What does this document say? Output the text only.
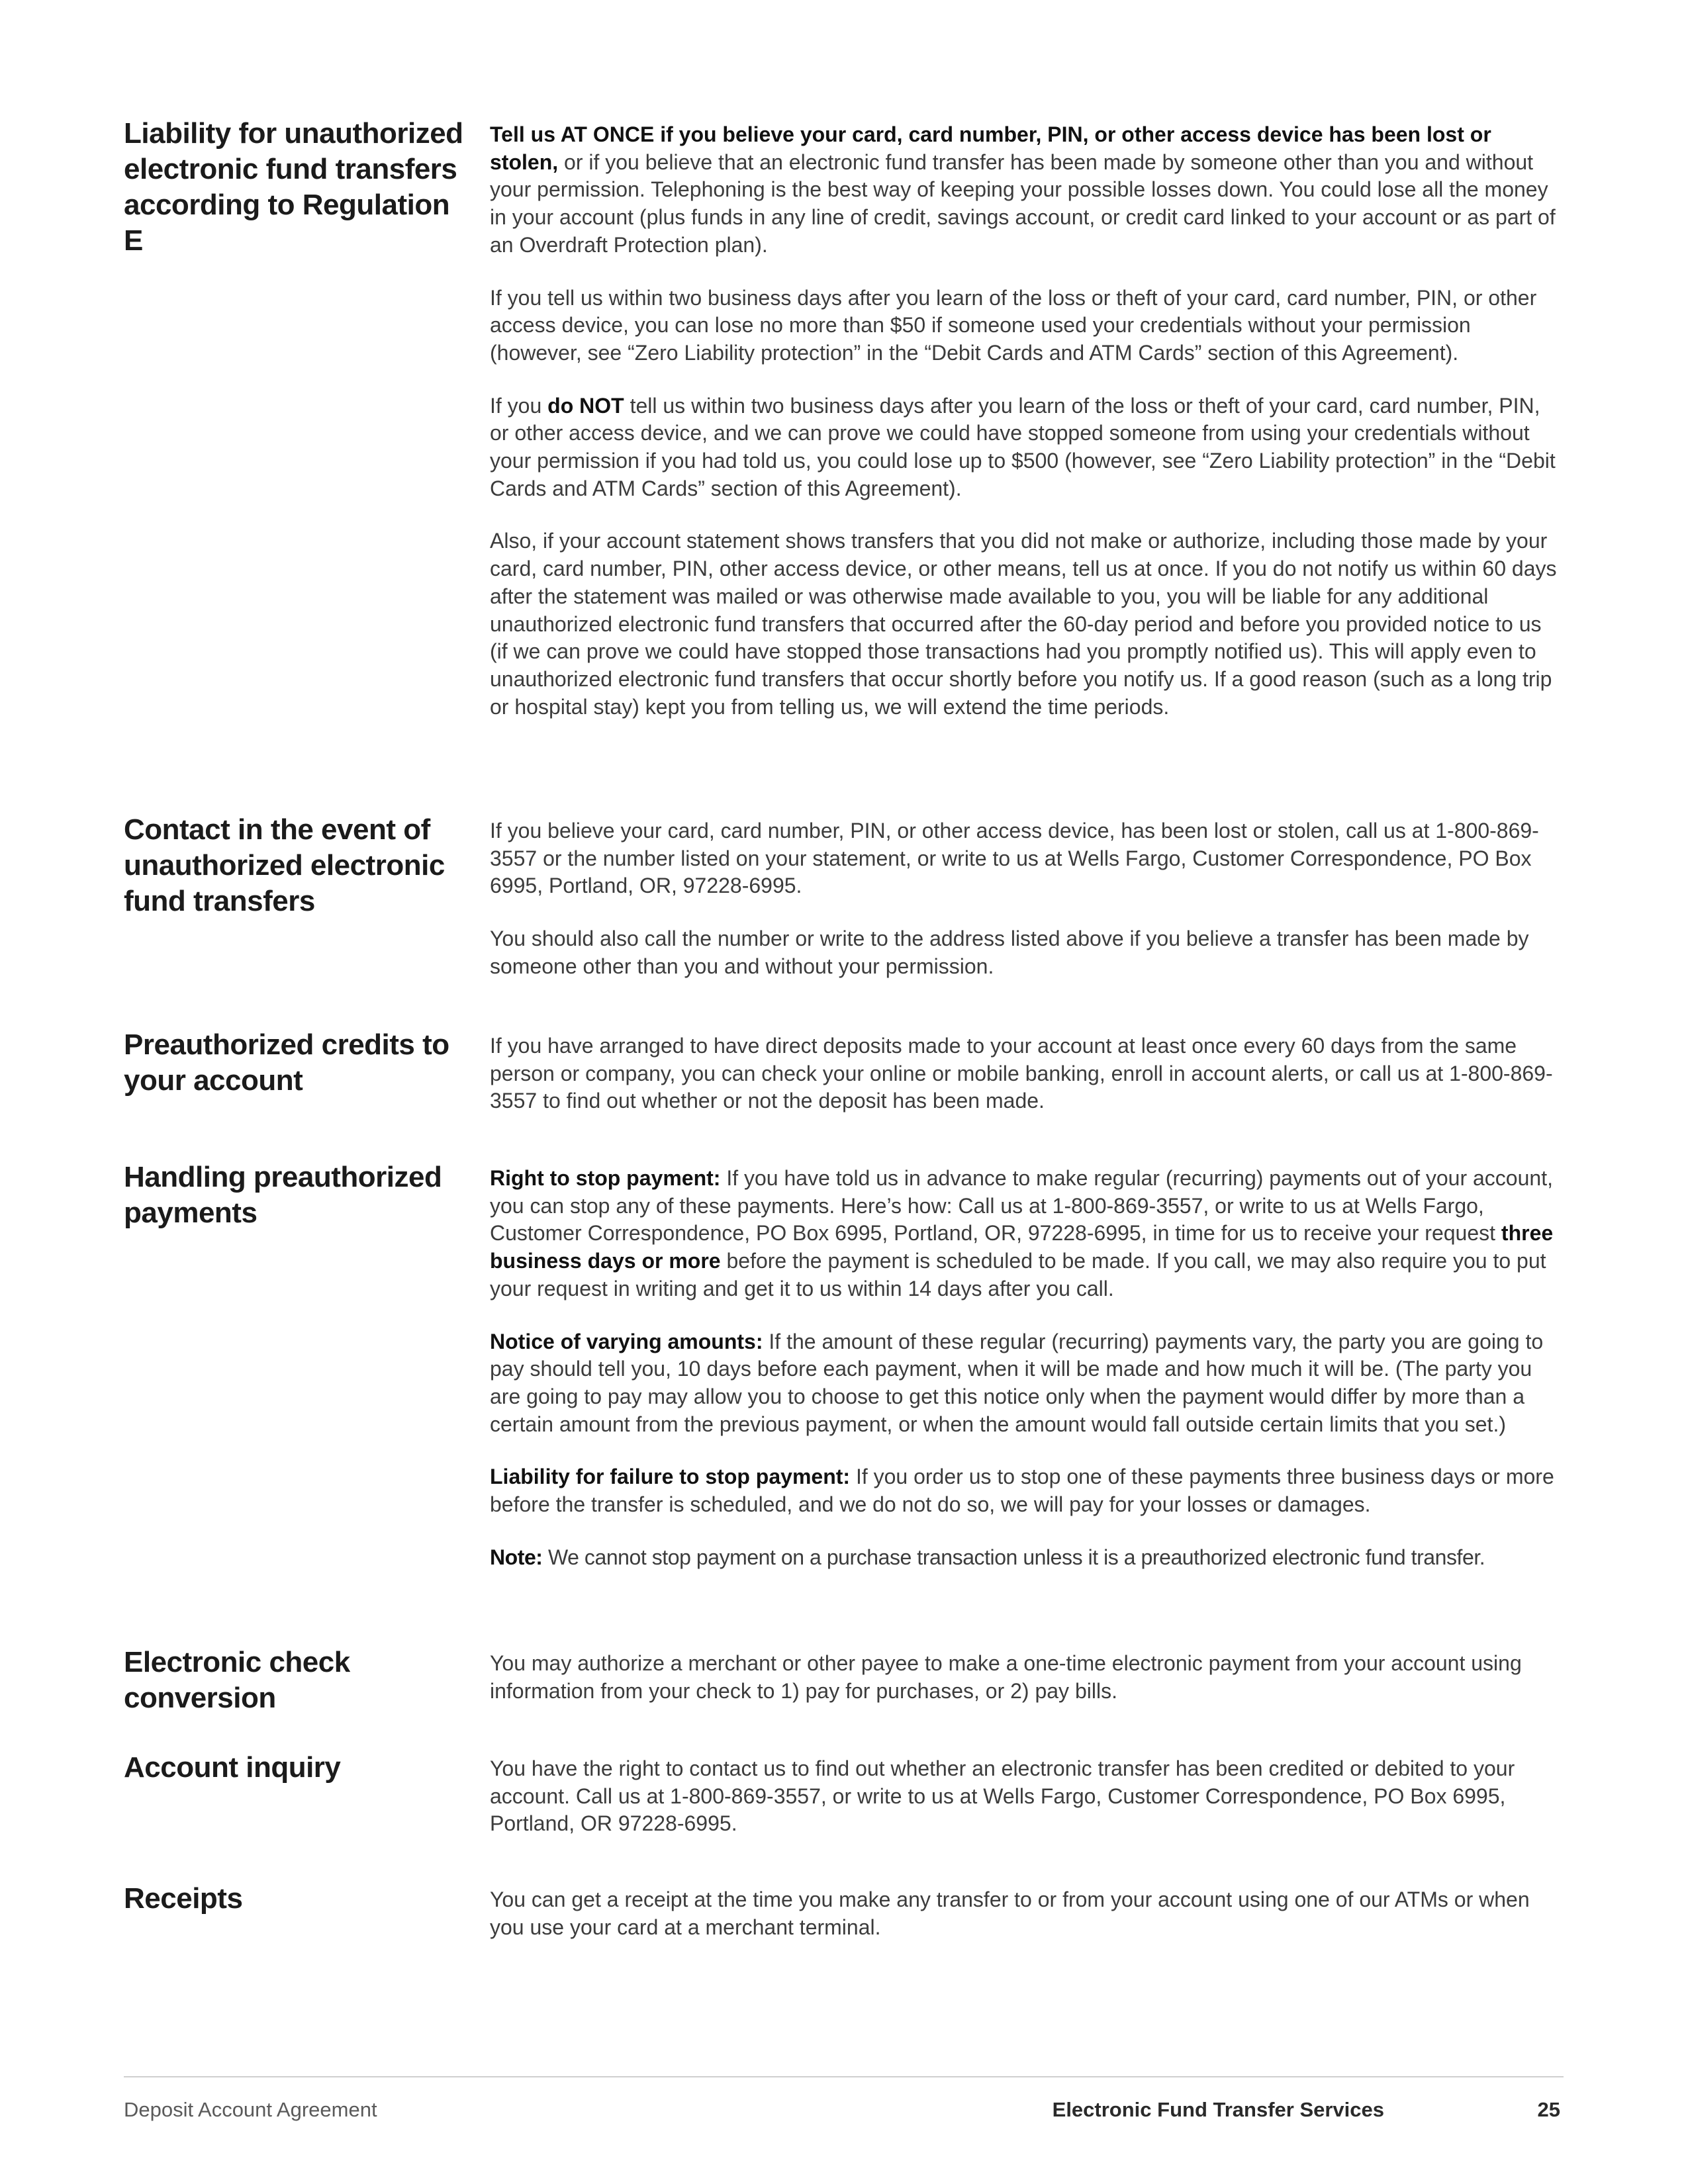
Liability for unauthorized electronic fund transfers according to Regulation E

Tell us AT ONCE if you believe your card, card number, PIN, or other access device has been lost or stolen, or if you believe that an electronic fund transfer has been made by someone other than you and without your permission. Telephoning is the best way of keeping your possible losses down. You could lose all the money in your account (plus funds in any line of credit, savings account, or credit card linked to your account or as part of an Overdraft Protection plan).

If you tell us within two business days after you learn of the loss or theft of your card, card number, PIN, or other access device, you can lose no more than $50 if someone used your credentials without your permission (however, see “Zero Liability protection” in the “Debit Cards and ATM Cards” section of this Agreement).

If you do NOT tell us within two business days after you learn of the loss or theft of your card, card number, PIN, or other access device, and we can prove we could have stopped someone from using your credentials without your permission if you had told us, you could lose up to $500 (however, see “Zero Liability protection” in the “Debit Cards and ATM Cards” section of this Agreement).

Also, if your account statement shows transfers that you did not make or authorize, including those made by your card, card number, PIN, other access device, or other means, tell us at once. If you do not notify us within 60 days after the statement was mailed or was otherwise made available to you, you will be liable for any additional unauthorized electronic fund transfers that occurred after the 60-day period and before you provided notice to us (if we can prove we could have stopped those transactions had you promptly notified us). This will apply even to unauthorized electronic fund transfers that occur shortly before you notify us. If a good reason (such as a long trip or hospital stay) kept you from telling us, we will extend the time periods.

Contact in the event of unauthorized electronic fund transfers

If you believe your card, card number, PIN, or other access device, has been lost or stolen, call us at 1-800-869-3557 or the number listed on your statement, or write to us at Wells Fargo, Customer Correspondence, PO Box 6995, Portland, OR, 97228-6995.

You should also call the number or write to the address listed above if you believe a transfer has been made by someone other than you and without your permission.

Preauthorized credits to your account

If you have arranged to have direct deposits made to your account at least once every 60 days from the same person or company, you can check your online or mobile banking, enroll in account alerts, or call us at 1-800-869-3557 to find out whether or not the deposit has been made.

Handling preauthorized payments

Right to stop payment: If you have told us in advance to make regular (recurring) payments out of your account, you can stop any of these payments. Here’s how: Call us at 1-800-869-3557, or write to us at Wells Fargo, Customer Correspondence, PO Box 6995, Portland, OR, 97228-6995, in time for us to receive your request three business days or more before the payment is scheduled to be made. If you call, we may also require you to put your request in writing and get it to us within 14 days after you call.

Notice of varying amounts: If the amount of these regular (recurring) payments vary, the party you are going to pay should tell you, 10 days before each payment, when it will be made and how much it will be. (The party you are going to pay may allow you to choose to get this notice only when the payment would differ by more than a certain amount from the previous payment, or when the amount would fall outside certain limits that you set.)

Liability for failure to stop payment: If you order us to stop one of these payments three business days or more before the transfer is scheduled, and we do not do so, we will pay for your losses or damages.

Note: We cannot stop payment on a purchase transaction unless it is a preauthorized electronic fund transfer.

Electronic check conversion

You may authorize a merchant or other payee to make a one-time electronic payment from your account using information from your check to 1) pay for purchases, or 2) pay bills.

Account inquiry	You have the right to contact us to find out whether an electronic transfer has been credited or debited to your account. Call us at 1-800-869-3557, or write to us at Wells Fargo, Customer Correspondence, PO Box 6995, Portland, OR 97228-6995.

Receipts	You can get a receipt at the time you make any transfer to or from your account using one of our ATMs or when you use your card at a merchant terminal.

Deposit Account Agreement	Electronic Fund Transfer Services	25
